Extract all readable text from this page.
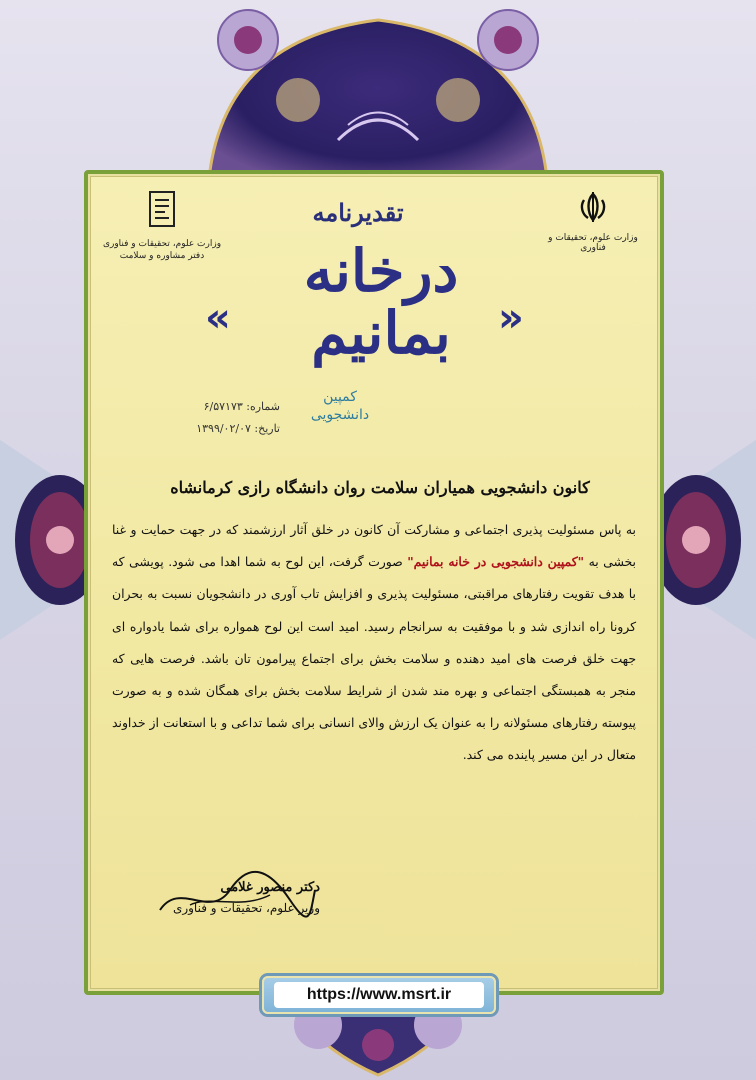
وزارت علوم، تحقیقات و فناوری
دفتر مشاوره و سلامت
وزارت علوم، تحقیقات و فناوری
تقدیرنامه
«	»
درخانه بمانیم
کمپین
دانشجویی
شماره: ۶/۵۷۱۷۳
تاریخ: ۱۳۹۹/۰۲/۰۷
کانون دانشجویی همیاران سلامت روان دانشگاه رازی کرمانشاه
به پاس مسئولیت پذیری اجتماعی و مشارکت آن کانون در خلق آثار ارزشمند که در جهت حمایت و غنا بخشی به "کمپین دانشجویی در خانه بمانیم" صورت گرفت، این لوح به شما اهدا می شود. پویشی که با هدف تقویت رفتارهای مراقبتی، مسئولیت پذیری و افزایش تاب آوری در دانشجویان نسبت به بحران کرونا راه اندازی شد و با موفقیت به سرانجام رسید. امید است این لوح همواره برای شما یادواره ای جهت خلق فرصت های امید دهنده و سلامت بخش برای اجتماع پیرامون تان باشد. فرصت هایی که منجر به همبستگی اجتماعی و بهره مند شدن از شرایط سلامت بخش برای همگان شده و به صورت پیوسته رفتارهای مسئولانه را به عنوان یک ارزش والای انسانی برای شما تداعی و با استعانت از خداوند متعال در این مسیر پاینده می کند.
دکتر منصور غلامی
وزیر علوم، تحقیقات و فناوری
https://www.msrt.ir
